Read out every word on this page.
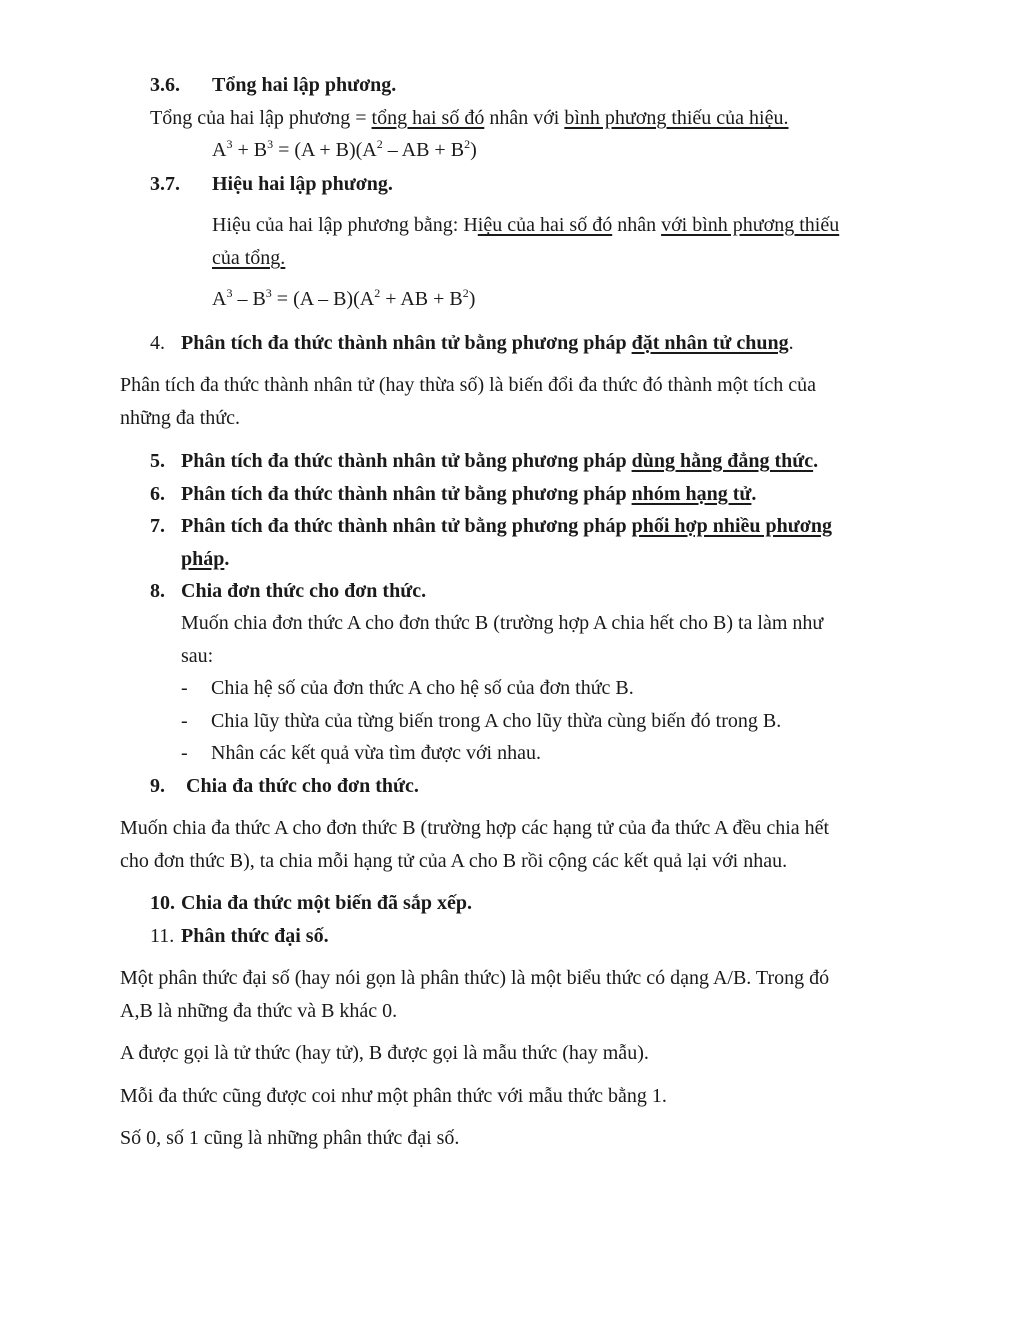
3.6. Tổng hai lập phương.
Tổng của hai lập phương = tổng hai số đó nhân với bình phương thiếu của hiệu.
$A^3 + B^3 = (A + B)(A^2$ – AB + $B^2$)
3.7. Hiệu hai lập phương.
Hiệu của hai lập phương bằng: Hiệu của hai số đó nhân với bình phương thiếu
của tổng.
$A^3 - B^3 = (A - B)(A^2$ + AB + $B^2$)
4. Phân tích đa thức thành nhân tử bằng phương pháp đặt nhân tử chung.
Phân tích đa thức thành nhân tử (hay thừa số) là biến đổi đa thức đó thành một tích của
những đa thức.
5. Phân tích đa thức thành nhân tử bằng phương pháp dùng hằng đẳng thức.
6. Phân tích đa thức thành nhân tử bằng phương pháp nhóm hạng tử.
7. Phân tích đa thức thành nhân tử bằng phương pháp phối hợp nhiều phương
pháp.
8. Chia đơn thức cho đơn thức.
Muốn chia đơn thức A cho đơn thức B (trường hợp A chia hết cho B) ta làm như
sau:
- Chia hệ số của đơn thức A cho hệ số của đơn thức B.
- Chia lũy thừa của từng biến trong A cho lũy thừa cùng biến đó trong B.
- Nhân các kết quả vừa tìm được với nhau.
9. Chia đa thức cho đơn thức.
Muốn chia đa thức A cho đơn thức B (trường hợp các hạng tử của đa thức A đều chia hết
cho đơn thức B), ta chia mỗi hạng tử của A cho B rồi cộng các kết quả lại với nhau.
10. Chia đa thức một biến đã sắp xếp.
11. Phân thức đại số.
Một phân thức đại số (hay nói gọn là phân thức) là một biểu thức có dạng A/B. Trong đó
A,B là những đa thức và B khác 0.
A được gọi là tử thức (hay tử), B được gọi là mẫu thức (hay mẫu).
Mỗi đa thức cũng được coi như một phân thức với mẫu thức bằng 1.
Số 0, số 1 cũng là những phân thức đại số.
